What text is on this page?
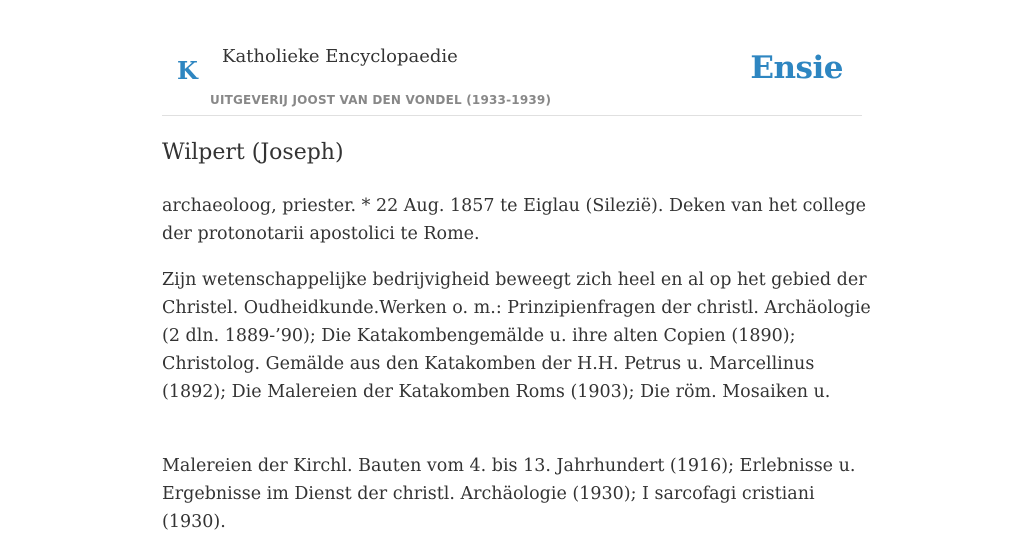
K Katholieke Encyclopaedie
UITGEVERIJ JOOST VAN DEN VONDEL (1933-1939)
Ensie
Wilpert (Joseph)

archaeoloog, priester. * 22 Aug. 1857 te Eiglau (Silezië). Deken van het college der protonotarii apostolici te Rome.

Zijn wetenschappelijke bedrijvigheid beweegt zich heel en al op het gebied der Christel. Oudheidkunde.Werken o. m.: Prinzipienfragen der christl. Archäologie (2 dln. 1889-’90); Die Katakombengemälde u. ihre alten Copien (1890); Christolog. Gemälde aus den Katakomben der H.H. Petrus u. Marcellinus (1892); Die Malereien der Katakomben Roms (1903); Die röm. Mosaiken u.

Malereien der Kirchl. Bauten vom 4. bis 13. Jahrhundert (1916); Erlebnisse u. Ergebnisse im Dienst der christl. Archäologie (1930); I sarcofagi cristiani (1930).
